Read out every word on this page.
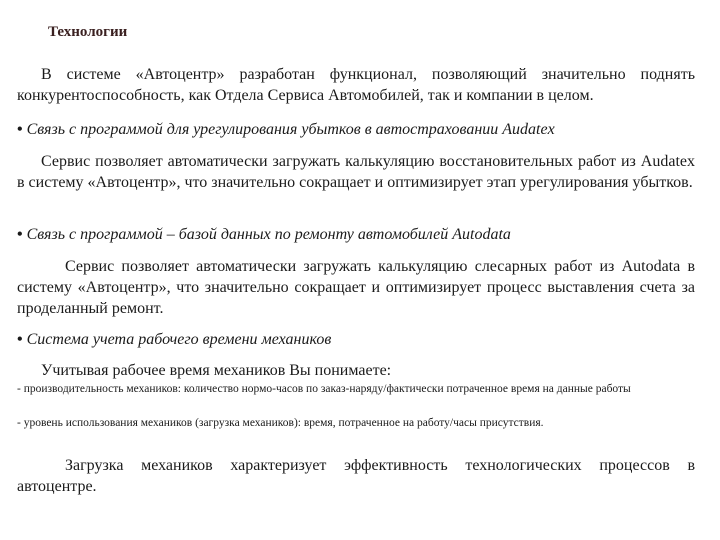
Технологии
В системе «Автоцентр» разработан функционал, позволяющий значительно поднять конкурентоспособность, как Отдела Сервиса Автомобилей, так и компании в целом.
• Связь с программой для урегулирования убытков в автостраховании Audatex
Сервис позволяет автоматически загружать калькуляцию восстановительных работ из Audatex в систему «Автоцентр», что значительно сокращает и оптимизирует этап урегулирования убытков.
• Связь с программой – базой данных по ремонту автомобилей Autodata
Сервис позволяет автоматически загружать калькуляцию слесарных работ из Autodata в систему «Автоцентр», что значительно сокращает и оптимизирует процесс выставления счета за проделанный ремонт.
• Система учета рабочего времени механиков
Учитывая рабочее время механиков Вы понимаете:
- производительность механиков: количество нормо-часов по заказ-наряду/фактически потраченное время на данные работы
- уровень использования механиков (загрузка механиков): время, потраченное на работу/часы присутствия.
Загрузка механиков характеризует эффективность технологических процессов в автоцентре.
